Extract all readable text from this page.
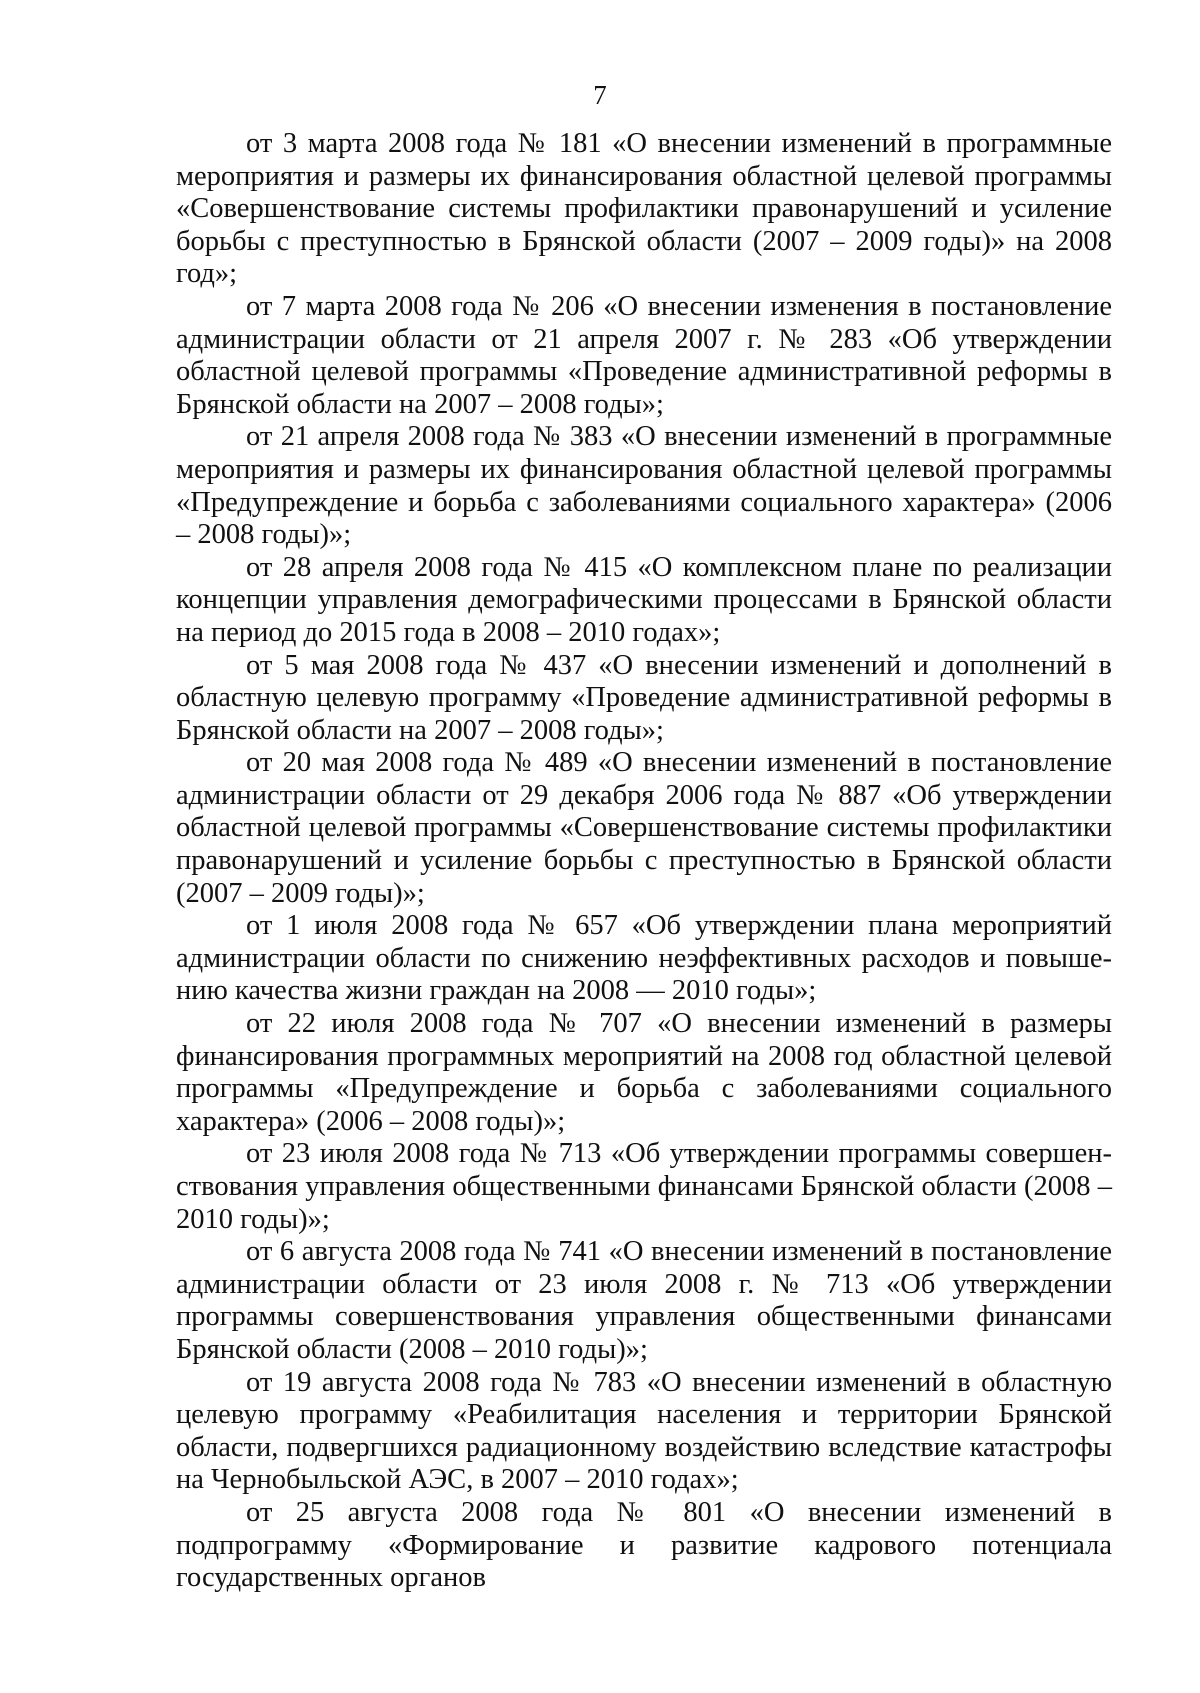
7

от 3 марта 2008 года № 181 «О внесении изменений в программные мероприятия и размеры их финансирования областной целевой программы «Совершенствование системы профилактики правонарушений и усиление борьбы с преступностью в Брянской области (2007 – 2009 годы)» на 2008 год»;

от 7 марта 2008 года № 206 «О внесении изменения в постановление администрации области от 21 апреля 2007 г. № 283 «Об утверждении областной целевой программы «Проведение административной реформы в Брянской области на 2007 – 2008 годы»;

от 21 апреля 2008 года № 383 «О внесении изменений в программные мероприятия и размеры их финансирования областной целевой программы «Предупреждение и борьба с заболеваниями социального характера» (2006 – 2008 годы)»;

от 28 апреля 2008 года № 415 «О комплексном плане по реализации концепции управления демографическими процессами в Брянской области на период до 2015 года в 2008 – 2010 годах»;

от 5 мая 2008 года № 437 «О внесении изменений и дополнений в областную целевую программу «Проведение административной реформы в Брянской области на 2007 – 2008 годы»;

от 20 мая 2008 года № 489 «О внесении изменений в постановление администрации области от 29 декабря 2006 года № 887 «Об утверждении областной целевой программы «Совершенствование системы профилактики правонарушений и усиление борьбы с преступностью в Брянской области (2007 – 2009 годы)»;

от 1 июля 2008 года № 657 «Об утверждении плана мероприятий администрации области по снижению неэффективных расходов и повышению качества жизни граждан на 2008 — 2010 годы»;

от 22 июля 2008 года № 707 «О внесении изменений в размеры финансирования программных мероприятий на 2008 год областной целевой программы «Предупреждение и борьба с заболеваниями социального характера» (2006 – 2008 годы)»;

от 23 июля 2008 года № 713 «Об утверждении программы совершенствования управления общественными финансами Брянской области (2008 – 2010 годы)»;

от 6 августа 2008 года № 741 «О внесении изменений в постановление администрации области от 23 июля 2008 г. № 713 «Об утверждении программы совершенствования управления общественными финансами Брянской области (2008 – 2010 годы)»;

от 19 августа 2008 года № 783 «О внесении изменений в областную целевую программу «Реабилитация населения и территории Брянской области, подвергшихся радиационному воздействию вследствие катастрофы на Чернобыльской АЭС, в 2007 – 2010 годах»;

от 25 августа 2008 года № 801 «О внесении изменений в подпрограмму «Формирование и развитие кадрового потенциала государственных органов
